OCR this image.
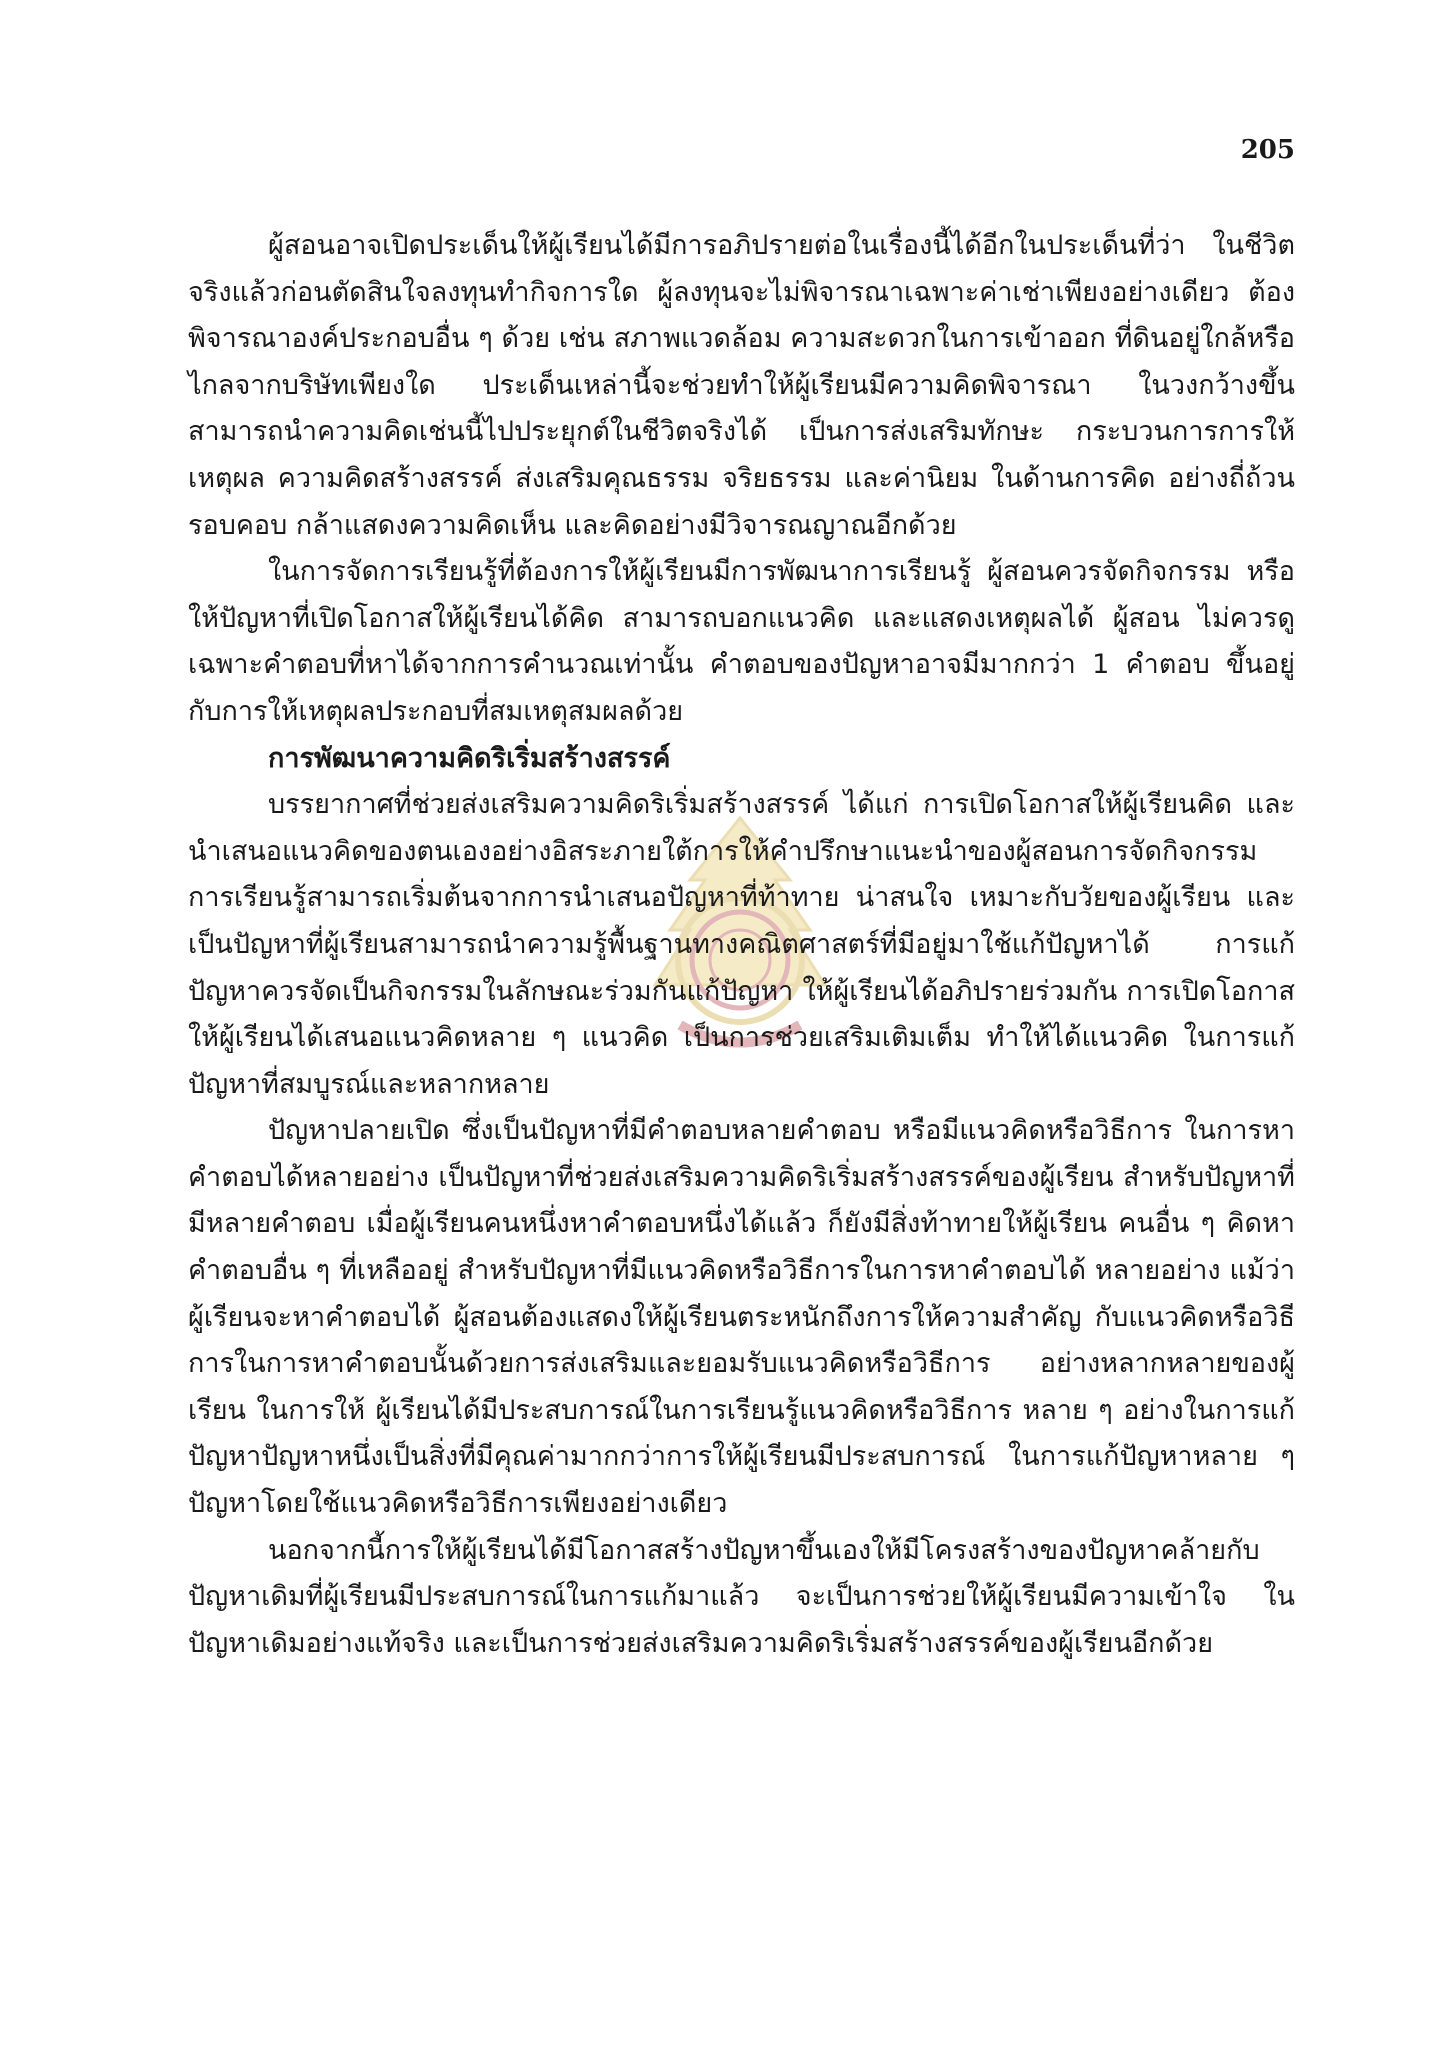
205

ผู้สอนอาจเปิดประเด็นให้ผู้เรียนได้มีการอภิปรายต่อในเรื่องนี้ได้อีกในประเด็นที่ว่า ในชีวิตจริงแล้วก่อนตัดสินใจลงทุนทำกิจการใด ผู้ลงทุนจะไม่พิจารณาเฉพาะค่าเช่าเพียงอย่างเดียว ต้องพิจารณาองค์ประกอบอื่น ๆ ด้วย เช่น สภาพแวดล้อม ความสะดวกในการเข้าออก ที่ดินอยู่ใกล้หรือไกลจากบริษัทเพียงใด ประเด็นเหล่านี้จะช่วยทำให้ผู้เรียนมีความคิดพิจารณา ในวงกว้างขึ้น สามารถนำความคิดเช่นนี้ไปประยุกต์ในชีวิตจริงได้ เป็นการส่งเสริมทักษะ กระบวนการการให้เหตุผล ความคิดสร้างสรรค์ ส่งเสริมคุณธรรม จริยธรรม และค่านิยม ในด้านการคิด อย่างถี่ถ้วนรอบคอบ กล้าแสดงความคิดเห็น และคิดอย่างมีวิจารณญาณอีกด้วย

ในการจัดการเรียนรู้ที่ต้องการให้ผู้เรียนมีการพัฒนาการเรียนรู้ ผู้สอนควรจัดกิจกรรม หรือให้ปัญหาที่เปิดโอกาสให้ผู้เรียนได้คิด สามารถบอกแนวคิด และแสดงเหตุผลได้ ผู้สอน ไม่ควรดูเฉพาะคำตอบที่หาได้จากการคำนวณเท่านั้น คำตอบของปัญหาอาจมีมากกว่า 1 คำตอบ ขึ้นอยู่กับการให้เหตุผลประกอบที่สมเหตุสมผลด้วย

การพัฒนาความคิดริเริ่มสร้างสรรค์

บรรยากาศที่ช่วยส่งเสริมความคิดริเริ่มสร้างสรรค์ ได้แก่ การเปิดโอกาสให้ผู้เรียนคิด และนำเสนอแนวคิดของตนเองอย่างอิสระภายใต้การให้คำปรึกษาแนะนำของผู้สอนการจัดกิจกรรม การเรียนรู้สามารถเริ่มต้นจากการนำเสนอปัญหาที่ท้าทาย น่าสนใจ เหมาะกับวัยของผู้เรียน และเป็นปัญหาที่ผู้เรียนสามารถนำความรู้พื้นฐานทางคณิตศาสตร์ที่มีอยู่มาใช้แก้ปัญหาได้ การแก้ปัญหาควรจัดเป็นกิจกรรมในลักษณะร่วมกันแก้ปัญหา ให้ผู้เรียนได้อภิปรายร่วมกัน การเปิดโอกาสให้ผู้เรียนได้เสนอแนวคิดหลาย ๆ แนวคิด เป็นการช่วยเสริมเติมเต็ม ทำให้ได้แนวคิด ในการแก้ปัญหาที่สมบูรณ์และหลากหลาย

ปัญหาปลายเปิด ซึ่งเป็นปัญหาที่มีคำตอบหลายคำตอบ หรือมีแนวคิดหรือวิธีการ ในการหาคำตอบได้หลายอย่าง เป็นปัญหาที่ช่วยส่งเสริมความคิดริเริ่มสร้างสรรค์ของผู้เรียน สำหรับปัญหาที่มีหลายคำตอบ เมื่อผู้เรียนคนหนึ่งหาคำตอบหนึ่งได้แล้ว ก็ยังมีสิ่งท้าทายให้ผู้เรียน คนอื่น ๆ คิดหาคำตอบอื่น ๆ ที่เหลืออยู่ สำหรับปัญหาที่มีแนวคิดหรือวิธีการในการหาคำตอบได้ หลายอย่าง แม้ว่าผู้เรียนจะหาคำตอบได้ ผู้สอนต้องแสดงให้ผู้เรียนตระหนักถึงการให้ความสำคัญ กับแนวคิดหรือวิธีการในการหาคำตอบนั้นด้วยการส่งเสริมและยอมรับแนวคิดหรือวิธีการ อย่างหลากหลายของผู้เรียน ในการให้ ผู้เรียนได้มีประสบการณ์ในการเรียนรู้แนวคิดหรือวิธีการ หลาย ๆ อย่างในการแก้ปัญหาปัญหาหนึ่งเป็นสิ่งที่มีคุณค่ามากกว่าการให้ผู้เรียนมีประสบการณ์ ในการแก้ปัญหาหลาย ๆ ปัญหาโดยใช้แนวคิดหรือวิธีการเพียงอย่างเดียว

นอกจากนี้การให้ผู้เรียนได้มีโอกาสสร้างปัญหาขึ้นเองให้มีโครงสร้างของปัญหาคล้ายกับ ปัญหาเดิมที่ผู้เรียนมีประสบการณ์ในการแก้มาแล้ว จะเป็นการช่วยให้ผู้เรียนมีความเข้าใจ ในปัญหาเดิมอย่างแท้จริง และเป็นการช่วยส่งเสริมความคิดริเริ่มสร้างสรรค์ของผู้เรียนอีกด้วย
